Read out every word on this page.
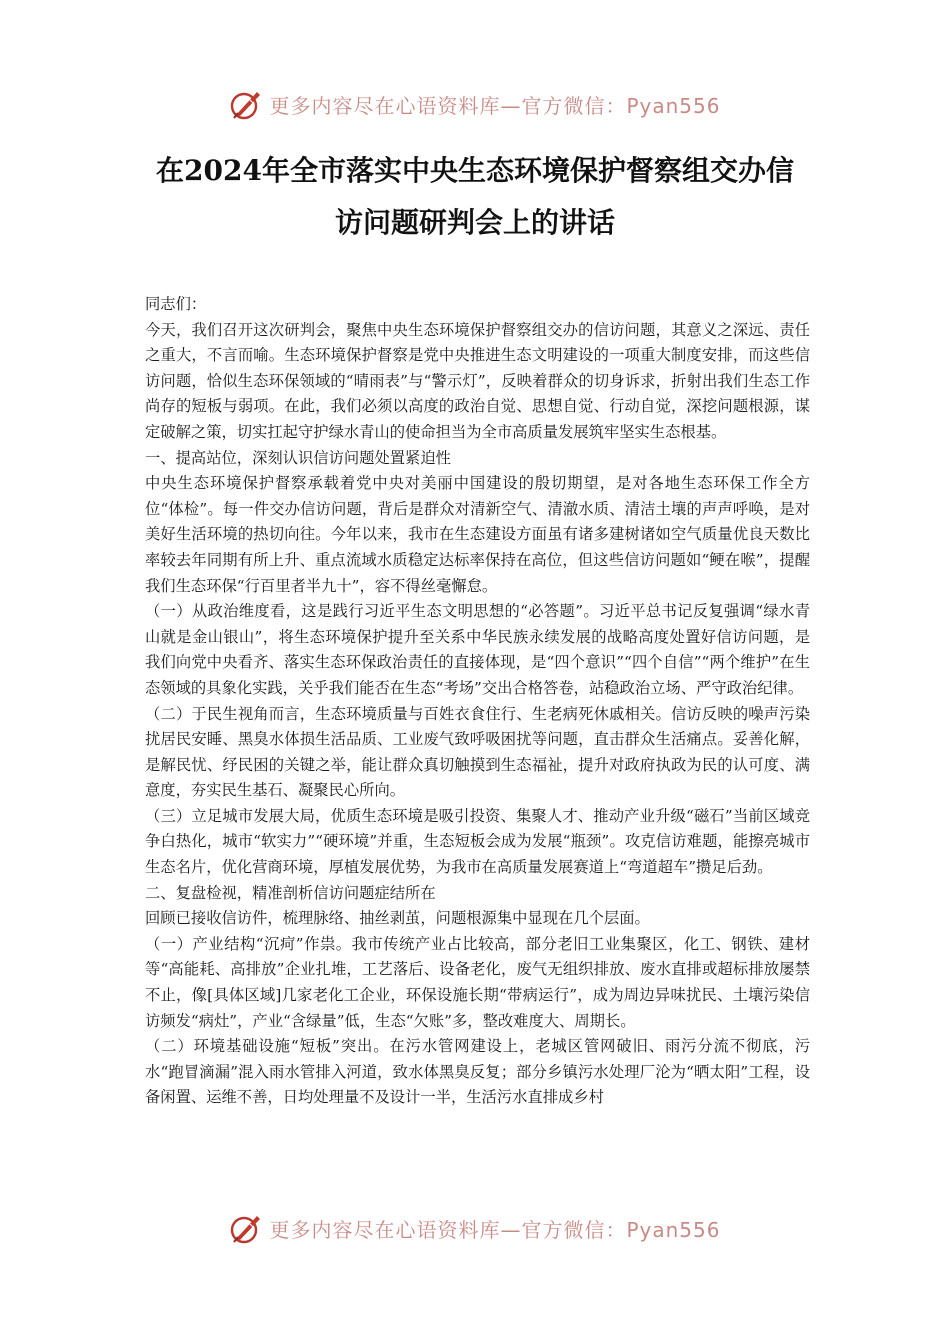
更多内容尽在心语资料库—官方微信：Pyan556
在2024年全市落实中央生态环境保护督察组交办信
访问题研判会上的讲话

同志们：

今天，我们召开这次研判会，聚焦中央生态环境保护督察组交办的信访问题，其意义之深远、责任之重大，不言而喻。生态环境保护督察是党中央推进生态文明建设的一项重大制度安排，而这些信访问题，恰似生态环保领域的“晴雨表”与“警示灯”，反映着群众的切身诉求，折射出我们生态工作尚存的短板与弱项。在此，我们必须以高度的政治自觉、思想自觉、行动自觉，深挖问题根源，谋定破解之策，切实扛起守护绿水青山的使命担当为全市高质量发展筑牢坚实生态根基。

一、提高站位，深刻认识信访问题处置紧迫性

中央生态环境保护督察承载着党中央对美丽中国建设的殷切期望，是对各地生态环保工作全方位“体检”。每一件交办信访问题，背后是群众对清新空气、清澈水质、清洁土壤的声声呼唤，是对美好生活环境的热切向往。今年以来，我市在生态建设方面虽有诸多建树诸如空气质量优良天数比率较去年同期有所上升、重点流域水质稳定达标率保持在高位，但这些信访问题如“鲠在喉”，提醒我们生态环保“行百里者半九十”，容不得丝毫懈怠。

（一）从政治维度看，这是践行习近平生态文明思想的“必答题”。习近平总书记反复强调“绿水青山就是金山银山”，将生态环境保护提升至关系中华民族永续发展的战略高度处置好信访问题，是我们向党中央看齐、落实生态环保政治责任的直接体现，是“四个意识”“四个自信”“两个维护”在生态领域的具象化实践，关乎我们能否在生态“考场”交出合格答卷，站稳政治立场、严守政治纪律。

（二）于民生视角而言，生态环境质量与百姓衣食住行、生老病死休戚相关。信访反映的噪声污染扰居民安睡、黑臭水体损生活品质、工业废气致呼吸困扰等问题，直击群众生活痛点。妥善化解，是解民忧、纾民困的关键之举，能让群众真切触摸到生态福祉，提升对政府执政为民的认可度、满意度，夯实民生基石、凝聚民心所向。

（三）立足城市发展大局，优质生态环境是吸引投资、集聚人才、推动产业升级“磁石”当前区域竞争白热化，城市“软实力”“硬环境”并重，生态短板会成为发展“瓶颈”。攻克信访难题，能擦亮城市生态名片，优化营商环境，厚植发展优势，为我市在高质量发展赛道上“弯道超车”攒足后劲。

二、复盘检视，精准剖析信访问题症结所在

回顾已接收信访件，梳理脉络、抽丝剥茧，问题根源集中显现在几个层面。

（一）产业结构“沉疴”作祟。我市传统产业占比较高，部分老旧工业集聚区，化工、钢铁、建材等“高能耗、高排放”企业扎堆，工艺落后、设备老化，废气无组织排放、废水直排或超标排放屡禁不止，像[具体区域]几家老化工企业，环保设施长期“带病运行”，成为周边异味扰民、土壤污染信访频发“病灶”，产业“含绿量”低，生态“欠账”多，整改难度大、周期长。

（二）环境基础设施“短板”突出。在污水管网建设上，老城区管网破旧、雨污分流不彻底，污水“跑冒滴漏”混入雨水管排入河道，致水体黑臭反复；部分乡镇污水处理厂沦为“晒太阳”工程，设备闲置、运维不善，日均处理量不及设计一半，生活污水直排成乡村

更多内容尽在心语资料库—官方微信：Pyan556
